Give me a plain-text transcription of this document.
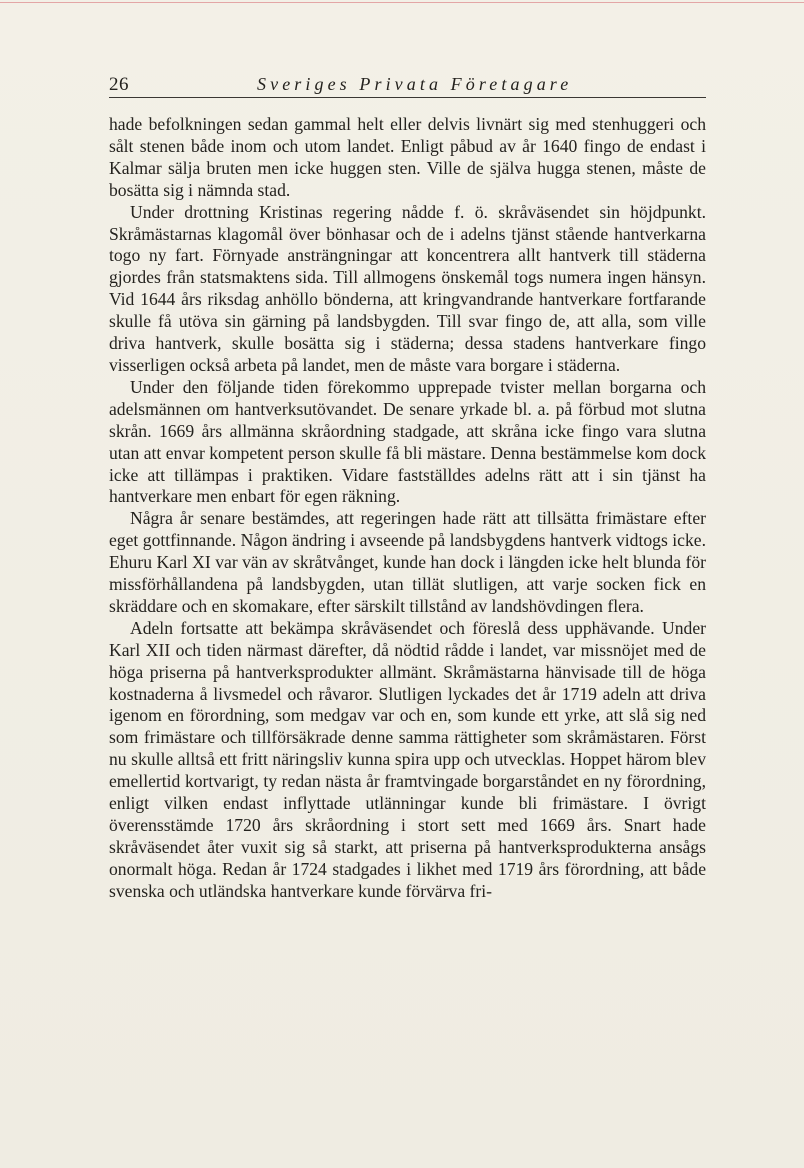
26	Sveriges Privata Företagare

hade befolkningen sedan gammal helt eller delvis livnärt sig med stenhuggeri och sålt stenen både inom och utom landet. Enligt påbud av år 1640 fingo de endast i Kalmar sälja bruten men icke huggen sten. Ville de själva hugga stenen, måste de bosätta sig i nämnda stad.

Under drottning Kristinas regering nådde f. ö. skråväsendet sin höjdpunkt. Skråmästarnas klagomål över bönhasar och de i adelns tjänst stående hantverkarna togo ny fart. Förnyade ansträngningar att koncentrera allt hantverk till städerna gjordes från statsmaktens sida. Till allmogens önskemål togs numera ingen hänsyn. Vid 1644 års riksdag anhöllo bönderna, att kringvandrande hantverkare fortfarande skulle få utöva sin gärning på landsbygden. Till svar fingo de, att alla, som ville driva hantverk, skulle bosätta sig i städerna; dessa stadens hantverkare fingo visserligen också arbeta på landet, men de måste vara borgare i städerna.

Under den följande tiden förekommo upprepade tvister mellan borgarna och adelsmännen om hantverksutövandet. De senare yrkade bl. a. på förbud mot slutna skrån. 1669 års allmänna skråordning stadgade, att skråna icke fingo vara slutna utan att envar kompetent person skulle få bli mästare. Denna bestämmelse kom dock icke att tillämpas i praktiken. Vidare fastställdes adelns rätt att i sin tjänst ha hantverkare men enbart för egen räkning.

Några år senare bestämdes, att regeringen hade rätt att tillsätta frimästare efter eget gottfinnande. Någon ändring i avseende på landsbygdens hantverk vidtogs icke. Ehuru Karl XI var vän av skråtvånget, kunde han dock i längden icke helt blunda för missförhållandena på landsbygden, utan tillät slutligen, att varje socken fick en skräddare och en skomakare, efter särskilt tillstånd av landshövdingen flera.

Adeln fortsatte att bekämpa skråväsendet och föreslå dess upphävande. Under Karl XII och tiden närmast därefter, då nödtid rådde i landet, var missnöjet med de höga priserna på hantverksprodukter allmänt. Skråmästarna hänvisade till de höga kostnaderna å livsmedel och råvaror. Slutligen lyckades det år 1719 adeln att driva igenom en förordning, som medgav var och en, som kunde ett yrke, att slå sig ned som frimästare och tillförsäkrade denne samma rättigheter som skråmästaren. Först nu skulle alltså ett fritt näringsliv kunna spira upp och utvecklas. Hoppet härom blev emellertid kortvarigt, ty redan nästa år framtvingade borgarståndet en ny förordning, enligt vilken endast inflyttade utlänningar kunde bli frimästare. I övrigt överensstämde 1720 års skråordning i stort sett med 1669 års. Snart hade skråväsendet åter vuxit sig så starkt, att priserna på hantverksprodukterna ansågs onormalt höga. Redan år 1724 stadgades i likhet med 1719 års förordning, att både svenska och utländska hantverkare kunde förvärva fri-
